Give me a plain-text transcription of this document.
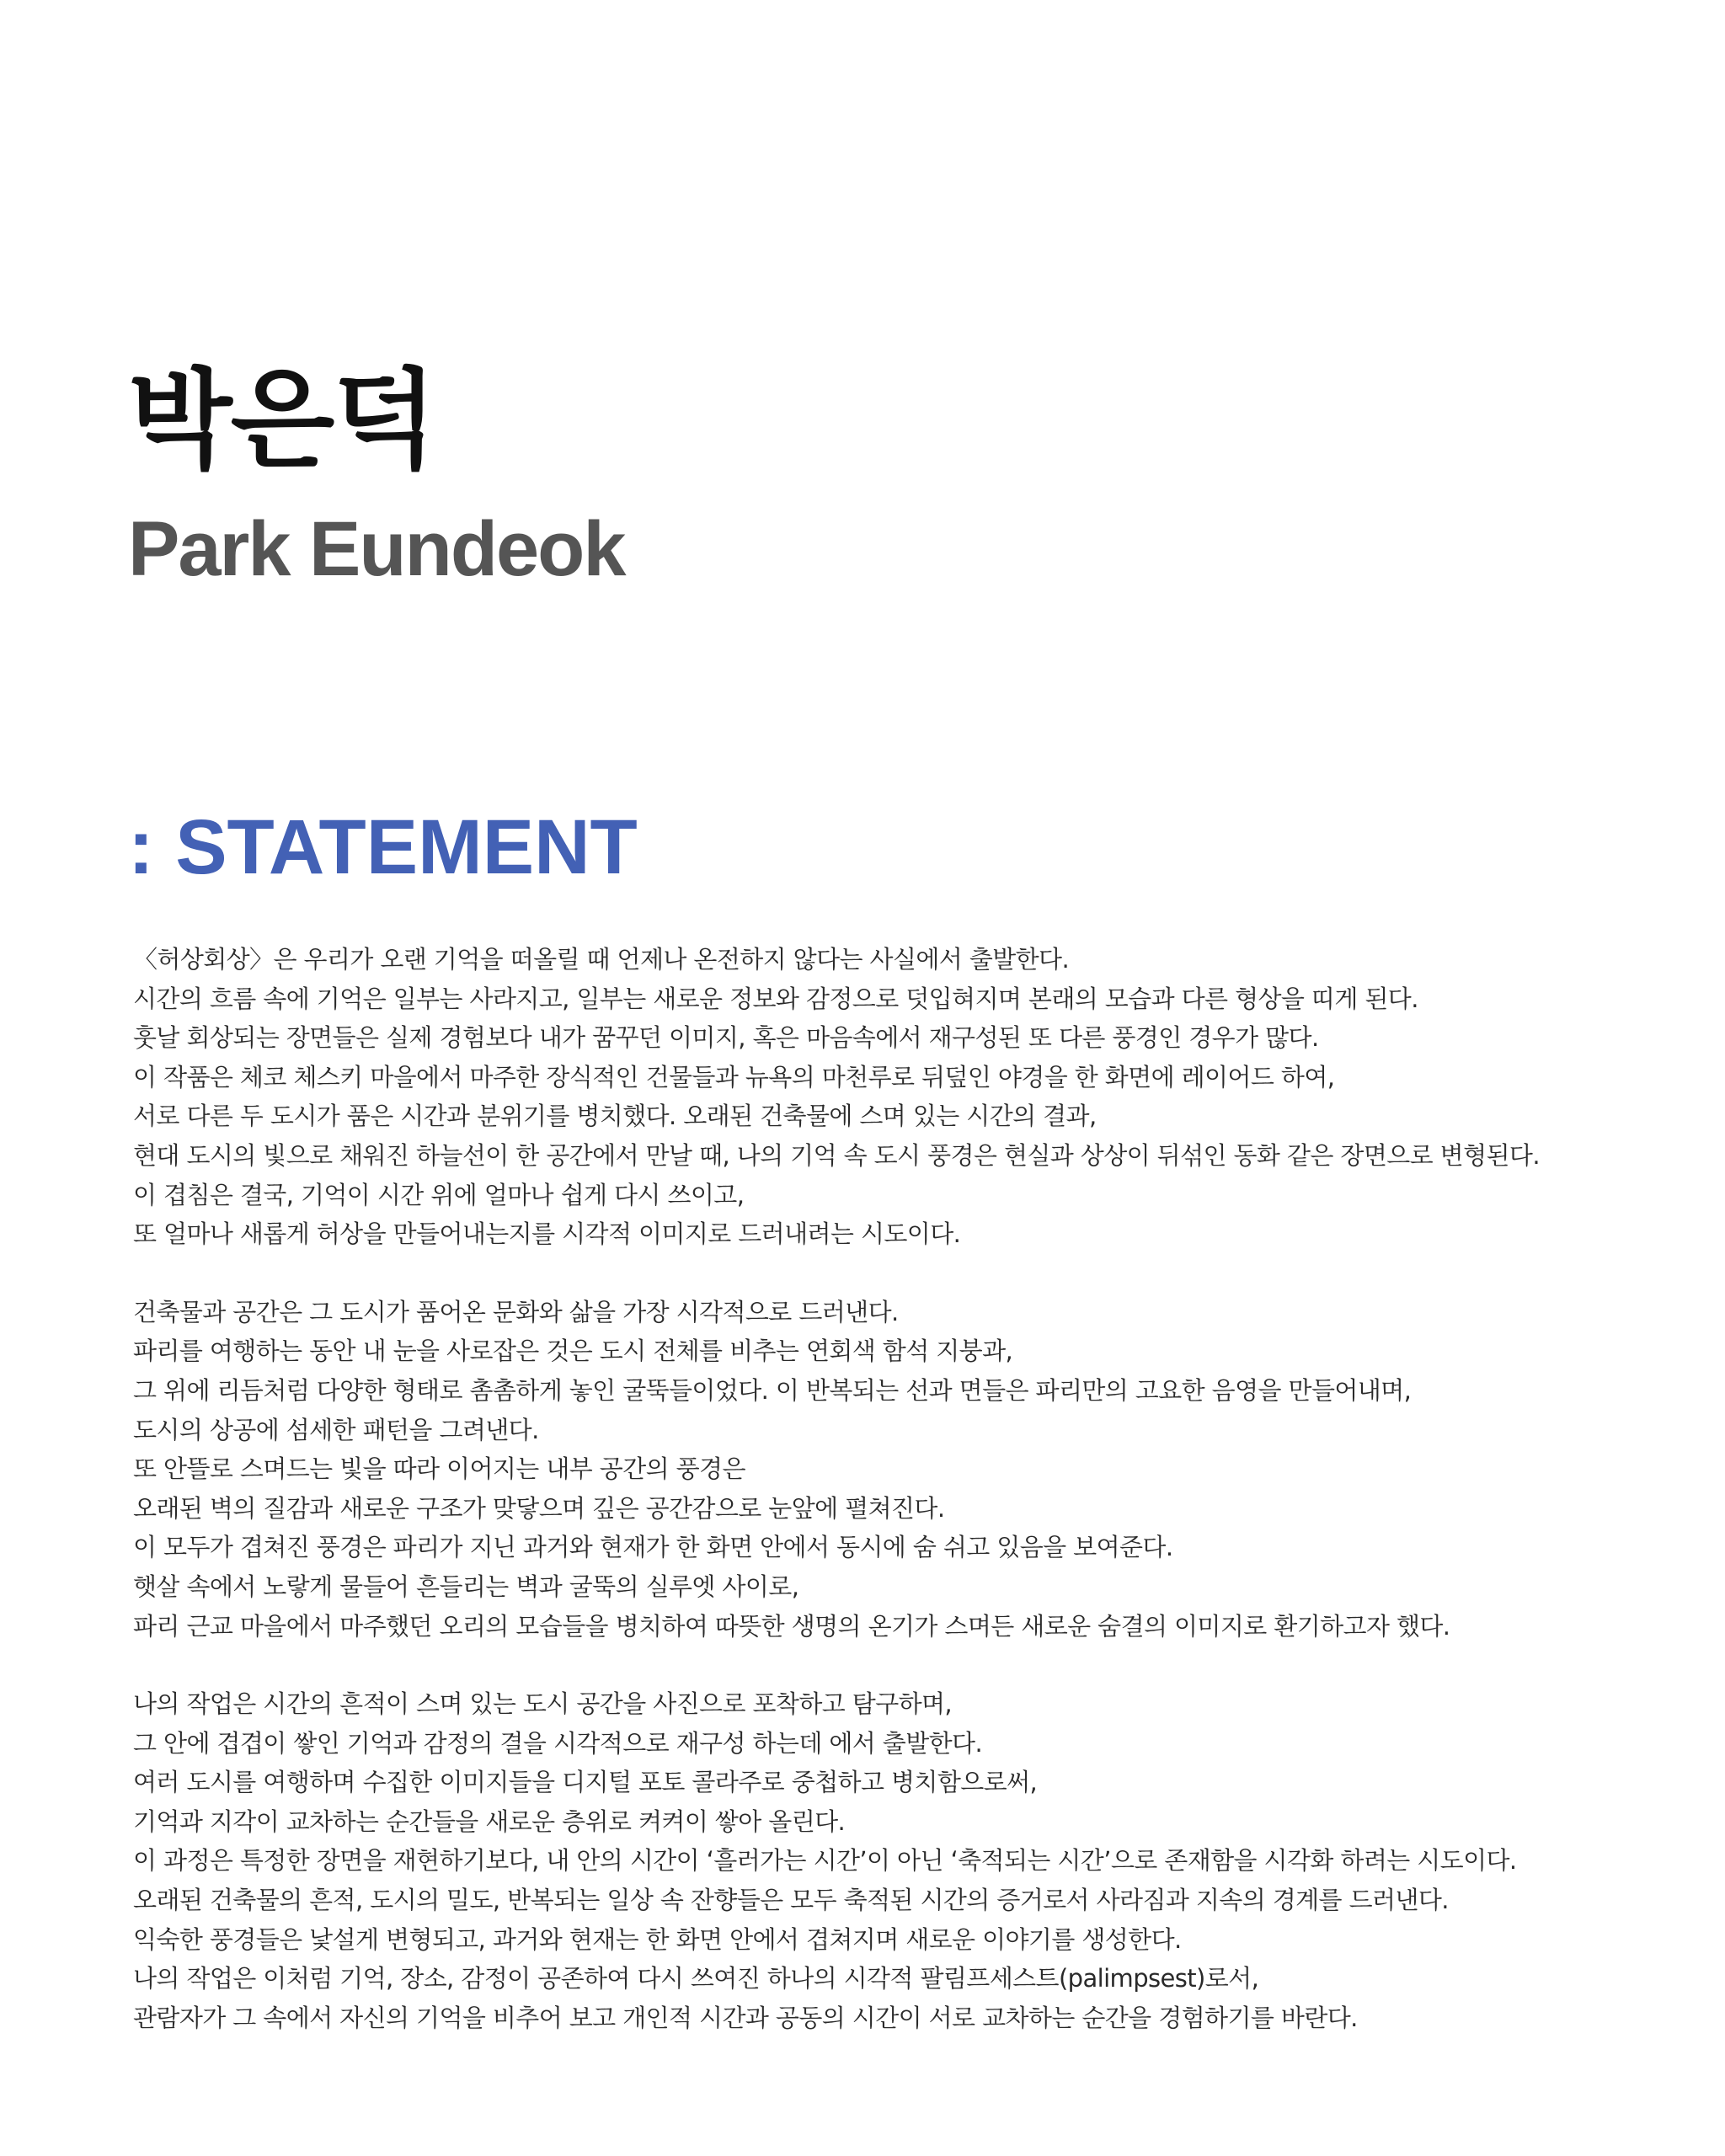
박은덕
Park Eundeok
: STATEMENT
〈허상회상〉은 우리가 오랜 기억을 떠올릴 때 언제나 온전하지 않다는 사실에서 출발한다.
시간의 흐름 속에 기억은 일부는 사라지고, 일부는 새로운 정보와 감정으로 덧입혀지며 본래의 모습과 다른 형상을 띠게 된다.
훗날 회상되는 장면들은 실제 경험보다 내가 꿈꾸던 이미지, 혹은 마음속에서 재구성된 또 다른 풍경인 경우가 많다.
이 작품은 체코 체스키 마을에서 마주한 장식적인 건물들과 뉴욕의 마천루로 뒤덮인 야경을 한 화면에 레이어드 하여,
서로 다른 두 도시가 품은 시간과 분위기를 병치했다. 오래된 건축물에 스며 있는 시간의 결과,
현대 도시의 빛으로 채워진 하늘선이 한 공간에서 만날 때, 나의 기억 속 도시 풍경은 현실과 상상이 뒤섞인 동화 같은 장면으로 변형된다.
이 겹침은 결국, 기억이 시간 위에 얼마나 쉽게 다시 쓰이고,
또 얼마나 새롭게 허상을 만들어내는지를 시각적 이미지로 드러내려는 시도이다.
건축물과 공간은 그 도시가 품어온 문화와 삶을 가장 시각적으로 드러낸다.
파리를 여행하는 동안 내 눈을 사로잡은 것은 도시 전체를 비추는 연회색 함석 지붕과,
그 위에 리듬처럼 다양한 형태로 촘촘하게 놓인 굴뚝들이었다. 이 반복되는 선과 면들은 파리만의 고요한 음영을 만들어내며,
도시의 상공에 섬세한 패턴을 그려낸다.
또 안뜰로 스며드는 빛을 따라 이어지는 내부 공간의 풍경은
오래된 벽의 질감과 새로운 구조가 맞닿으며 깊은 공간감으로 눈앞에 펼쳐진다.
이 모두가 겹쳐진 풍경은 파리가 지닌 과거와 현재가 한 화면 안에서 동시에 숨 쉬고 있음을 보여준다.
햇살 속에서 노랗게 물들어 흔들리는 벽과 굴뚝의 실루엣 사이로,
파리 근교 마을에서 마주했던 오리의 모습들을 병치하여 따뜻한 생명의 온기가 스며든 새로운 숨결의 이미지로 환기하고자 했다.
나의 작업은 시간의 흔적이 스며 있는 도시 공간을 사진으로 포착하고 탐구하며,
그 안에 겹겹이 쌓인 기억과 감정의 결을 시각적으로 재구성 하는데 에서 출발한다.
여러 도시를 여행하며 수집한 이미지들을 디지털 포토 콜라주로 중첩하고 병치함으로써,
기억과 지각이 교차하는 순간들을 새로운 층위로 켜켜이 쌓아 올린다.
이 과정은 특정한 장면을 재현하기보다, 내 안의 시간이 ‘흘러가는 시간’이 아닌 ‘축적되는 시간’으로 존재함을 시각화 하려는 시도이다.
오래된 건축물의 흔적, 도시의 밀도, 반복되는 일상 속 잔향들은 모두 축적된 시간의 증거로서 사라짐과 지속의 경계를 드러낸다.
익숙한 풍경들은 낯설게 변형되고, 과거와 현재는 한 화면 안에서 겹쳐지며 새로운 이야기를 생성한다.
나의 작업은 이처럼 기억, 장소, 감정이 공존하여 다시 쓰여진 하나의 시각적 팔림프세스트(palimpsest)로서,
관람자가 그 속에서 자신의 기억을 비추어 보고 개인적 시간과 공동의 시간이 서로 교차하는 순간을 경험하기를 바란다.
